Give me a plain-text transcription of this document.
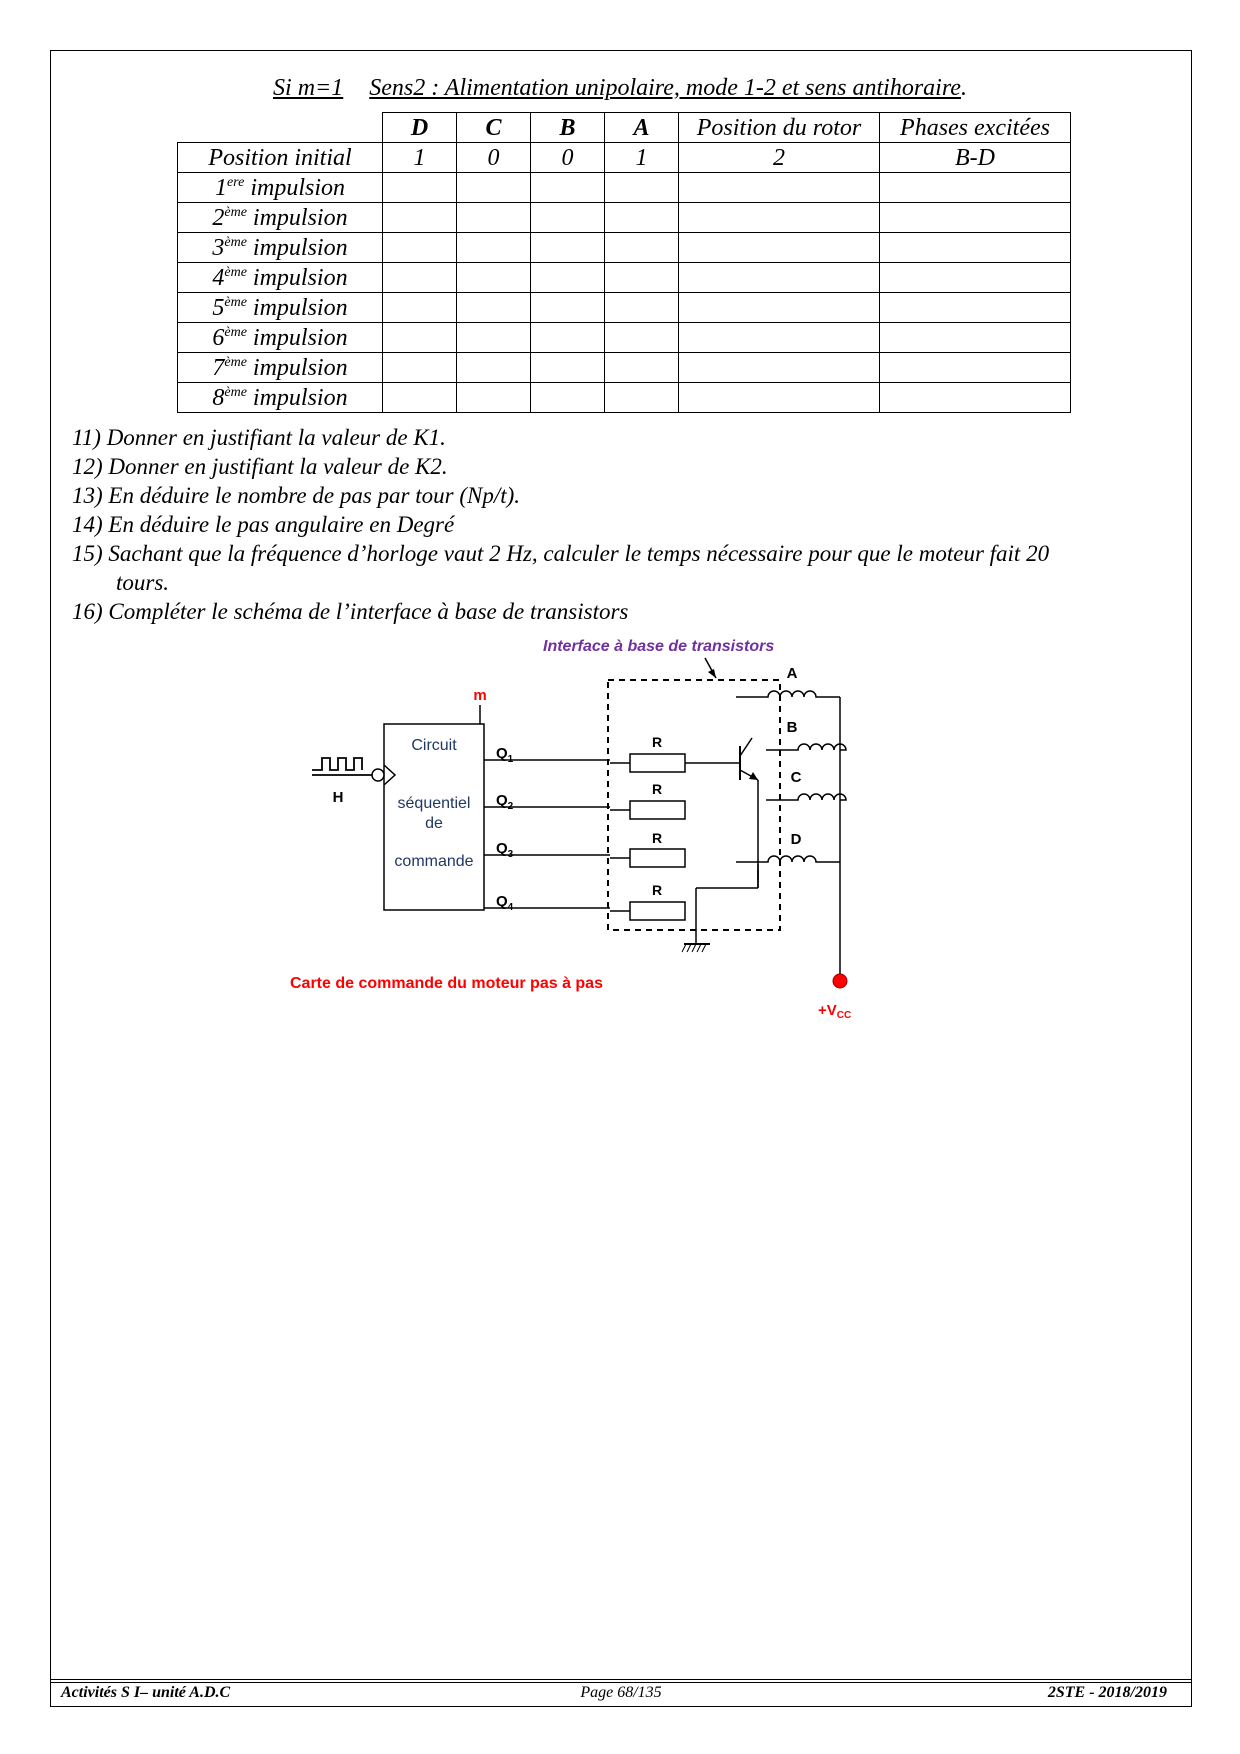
Si m=1 Sens2 : Alimentation unipolaire, mode 1-2 et sens antihoraire.
	D	C	B	A	Position du rotor	Phases excitées
Position initial	1	0	0	1	2	B-D
1ere impulsion						
2ème impulsion						
3ème impulsion						
4ème impulsion						
5ème impulsion						
6ème impulsion						
7ème impulsion						
8ème impulsion						

11) Donner en justifiant la valeur de K1.

12) Donner en justifiant la valeur de K2.

13) En déduire le nombre de pas par tour (Np/t).

14) En déduire le pas angulaire en Degré

15) Sachant que la fréquence d’horloge vaut 2 Hz, calculer le temps nécessaire pour que le moteur fait 20

tours.

16) Compléter le schéma de l’interface à base de transistors

Interface à base de transistors
m
Circuit
séquentiel
de
commande
H
$Q_1$
$Q_2$
$Q_3$
$Q_4$
R
R
R
R
A
B
C
D
$+V_{CC}$
Carte de commande du moteur pas à pas
Activités S I– unité A.D.C	Page 68/135	2STE - 2018/2019
